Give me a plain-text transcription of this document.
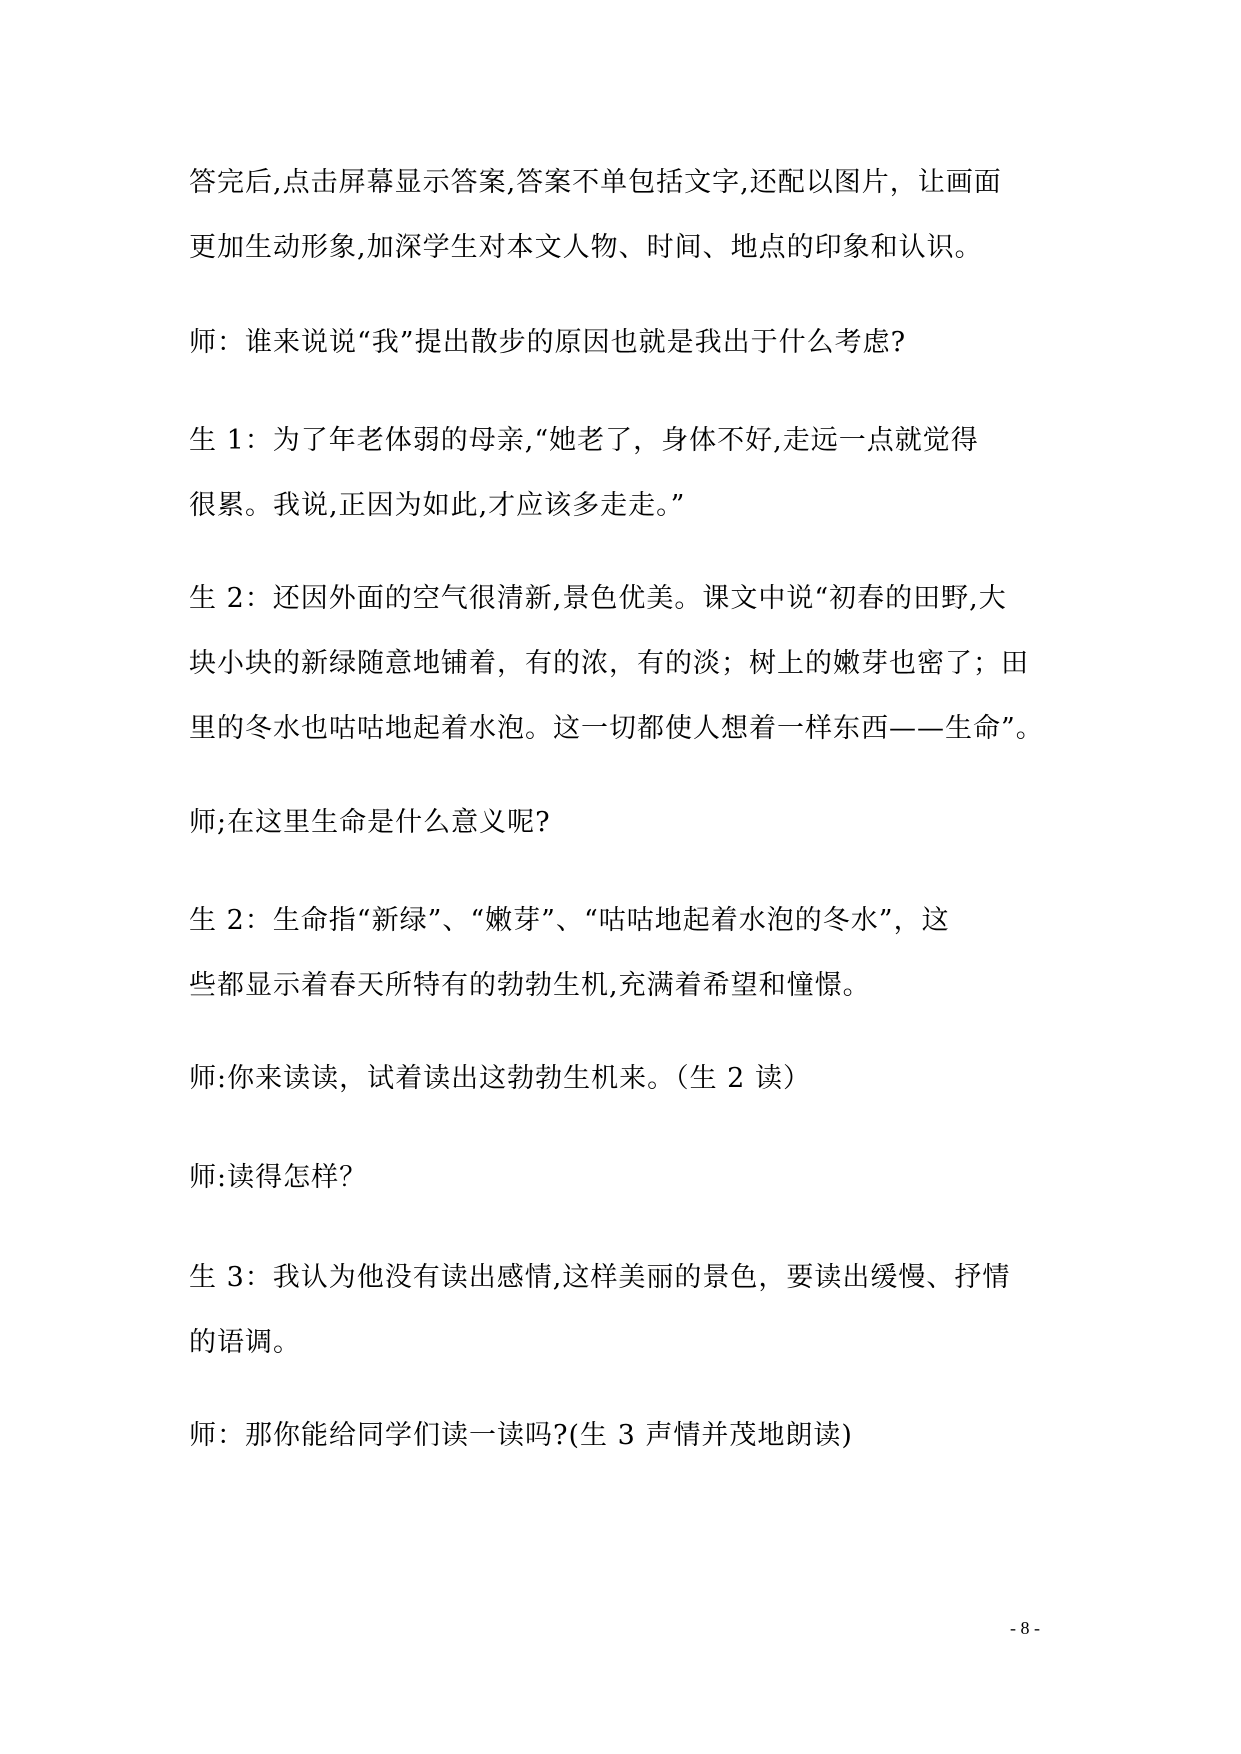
答完后,点击屏幕显示答案,答案不单包括文字,还配以图片，让画面
更加生动形象,加深学生对本文人物、时间、地点的印象和认识。
师：谁来说说“我”提出散步的原因也就是我出于什么考虑?
生 1：为了年老体弱的母亲,“她老了，身体不好,走远一点就觉得
很累。我说,正因为如此,才应该多走走。”
生 2：还因外面的空气很清新,景色优美。课文中说“初春的田野,大
块小块的新绿随意地铺着，有的浓，有的淡；树上的嫩芽也密了；田
里的冬水也咕咕地起着水泡。这一切都使人想着一样东西——生命”。
师;在这里生命是什么意义呢?
生 2：生命指“新绿”、“嫩芽”、“咕咕地起着水泡的冬水”，这
些都显示着春天所特有的勃勃生机,充满着希望和憧憬。
师:你来读读，试着读出这勃勃生机来。（生 2 读）
师:读得怎样？
生 3：我认为他没有读出感情,这样美丽的景色，要读出缓慢、抒情
的语调。
师：那你能给同学们读一读吗?(生 3 声情并茂地朗读)
- 8 -
